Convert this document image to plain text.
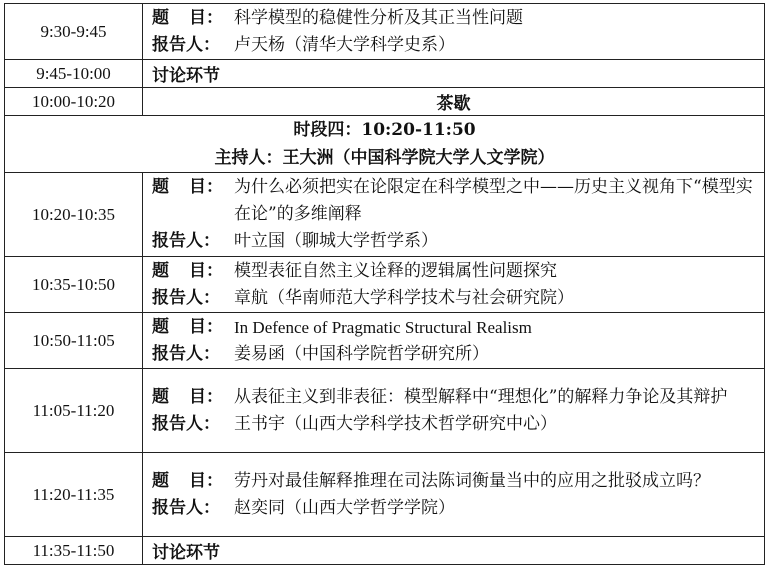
9:30-9:45	题 目： 科学模型的稳健性分析及其正当性问题
报告人： 卢天杨（清华大学科学史系）

9:45-10:00	讨论环节
10:00-10:20	茶歇

时段四：10:20-11:50
主持人：王大洲（中国科学院大学人文学院）	

10:20-10:35	题 目： 为什么必须把实在论限定在科学模型之中——历史主义视角下“模型实在论”的多维阐释
报告人： 叶立国（聊城大学哲学系）

10:35-10:50	题 目： 模型表征自然主义诠释的逻辑属性问题探究
报告人： 章航（华南师范大学科学技术与社会研究院）

10:50-11:05	题 目： In Defence of Pragmatic Structural Realism
报告人： 姜易函（中国科学院哲学研究所）

11:05-11:20	题 目： 从表征主义到非表征：模型解释中“理想化”的解释力争论及其辩护
报告人： 王书宇（山西大学科学技术哲学研究中心）

11:20-11:35	题 目： 劳丹对最佳解释推理在司法陈词衡量当中的应用之批驳成立吗？
报告人： 赵奕同（山西大学哲学学院）

11:35-11:50	讨论环节
